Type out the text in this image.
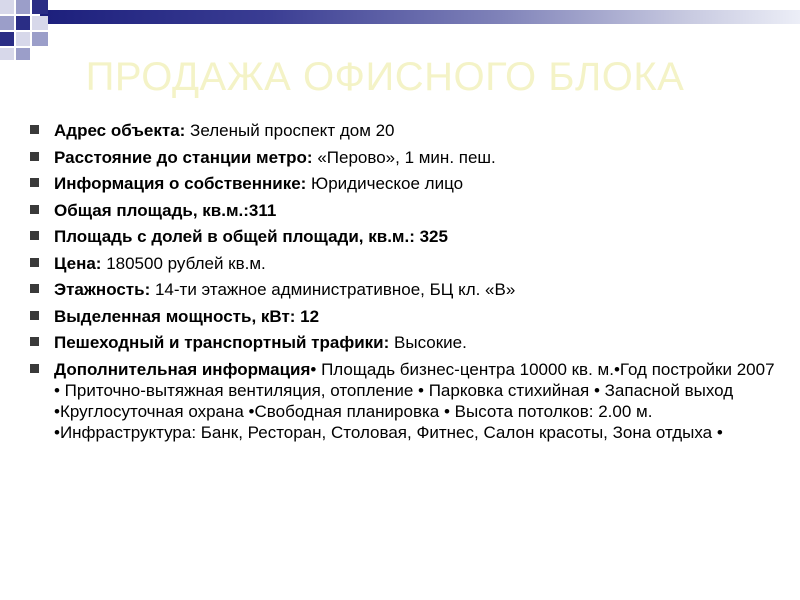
ПРОДАЖА ОФИСНОГО БЛОКА
Адрес объекта: Зеленый проспект дом 20
Расстояние до станции метро: «Перово», 1 мин. пеш.
Информация о собственнике: Юридическое лицо
Общая площадь, кв.м.:311
Площадь с долей в общей площади, кв.м.: 325
Цена: 180500 рублей кв.м.
Этажность: 14-ти этажное административное, БЦ кл. «В»
Выделенная мощность, кВт: 12
Пешеходный и транспортный трафики: Высокие.
Дополнительная информация• Площадь бизнес-центра 10000 кв. м.•Год постройки 2007 • Приточно-вытяжная вентиляция, отопление • Парковка стихийная • Запасной выход •Круглосуточная охрана •Свободная планировка • Высота потолков: 2.00 м. •Инфраструктура: Банк, Ресторан, Столовая, Фитнес, Салон красоты, Зона отдыха •
